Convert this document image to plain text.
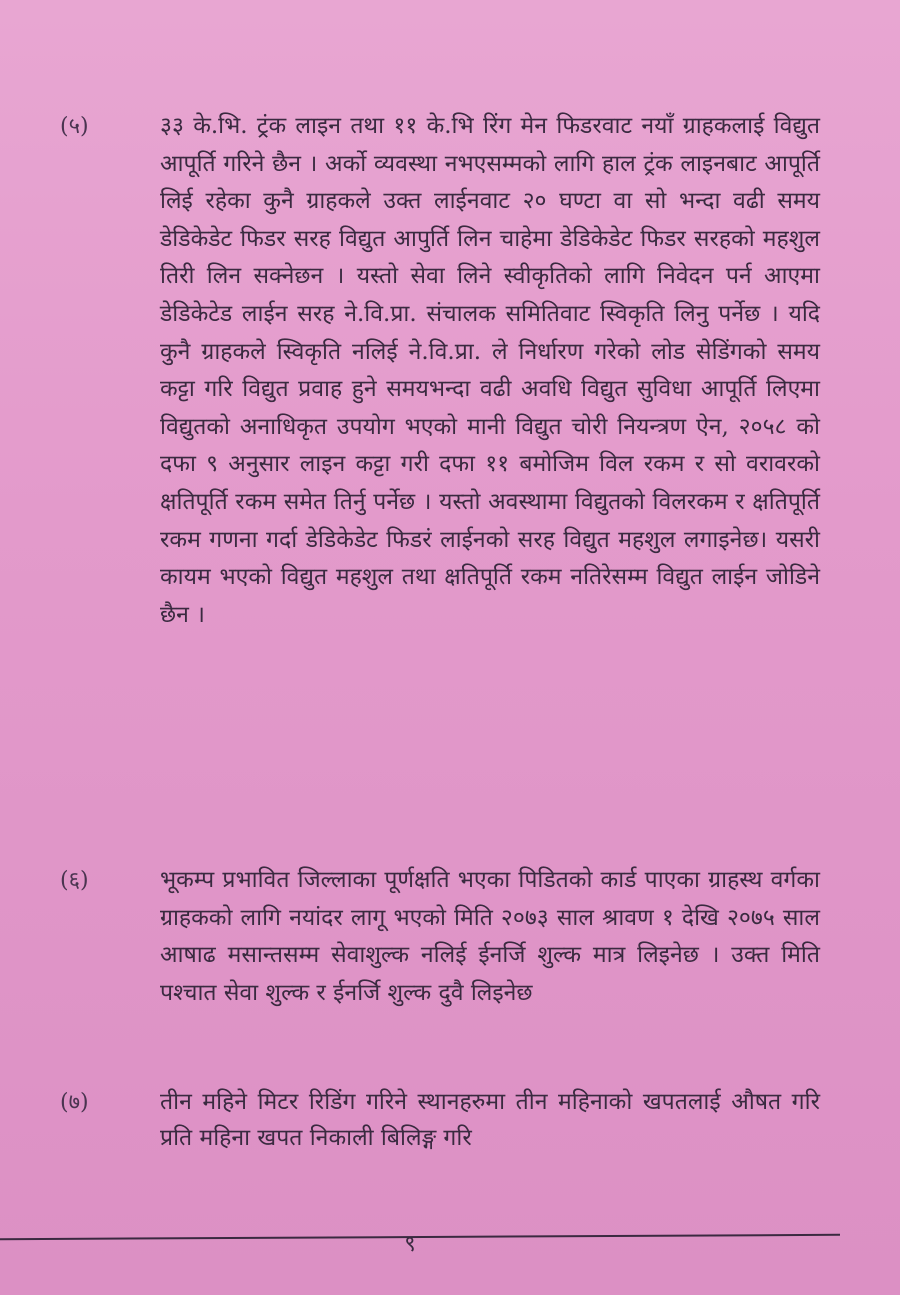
(५)	३३ के.भि. ट्रंक लाइन तथा ११ के.भि रिंग मेन फिडरवाट नयाँ ग्राहकलाई विद्युत आपूर्ति गरिने छैन । अर्को व्यवस्था नभएसम्मको लागि हाल ट्रंक लाइनबाट आपूर्ति लिई रहेका कुनै ग्राहकले उक्त लाईनवाट २० घण्टा वा सो भन्दा वढी समय डेडिकेडेट फिडर सरह विद्युत आपुर्ति लिन चाहेमा डेडिकेडेट फिडर सरहको महशुल तिरी लिन सक्नेछन । यस्तो सेवा लिने स्वीकृतिको लागि निवेदन पर्न आएमा डेडिकेटेड लाईन सरह ने.वि.प्रा. संचालक समितिवाट स्विकृति लिनु पर्नेछ । यदि कुनै ग्राहकले स्विकृति नलिई ने.वि.प्रा. ले निर्धारण गरेको लोड सेडिंगको समय कट्टा गरि विद्युत प्रवाह हुने समयभन्दा वढी अवधि विद्युत सुविधा आपूर्ति लिएमा विद्युतको अनाधिकृत उपयोग भएको मानी विद्युत चोरी नियन्त्रण ऐन, २०५८ को दफा ९ अनुसार लाइन कट्टा गरी दफा ११ बमोजिम विल रकम र सो वरावरको क्षतिपूर्ति रकम समेत तिर्नु पर्नेछ । यस्तो अवस्थामा विद्युतको विलरकम र क्षतिपूर्ति रकम गणना गर्दा डेडिकेडेट फिडरं लाईनको सरह विद्युत महशुल लगाइनेछ। यसरी कायम भएको विद्युत महशुल तथा क्षतिपूर्ति रकम नतिरेसम्म विद्युत लाईन जोडिने छैन ।
(६)	भूकम्प प्रभावित जिल्लाका पूर्णक्षति भएका पिडितको कार्ड पाएका ग्राहस्थ वर्गका ग्राहकको लागि नयांदर लागू भएको मिति २०७३ साल श्रावण १ देखि २०७५ साल आषाढ मसान्तसम्म सेवाशुल्क नलिई ईनर्जि शुल्क मात्र लिइनेछ । उक्त मिति पश्चात सेवा शुल्क र ईनर्जि शुल्क दुवै लिइनेछ
(७)	तीन महिने मिटर रिडिंग गरिने स्थानहरुमा तीन महिनाको खपतलाई औषत गरि प्रति महिना खपत निकाली बिलिङ्ग गरि
९
